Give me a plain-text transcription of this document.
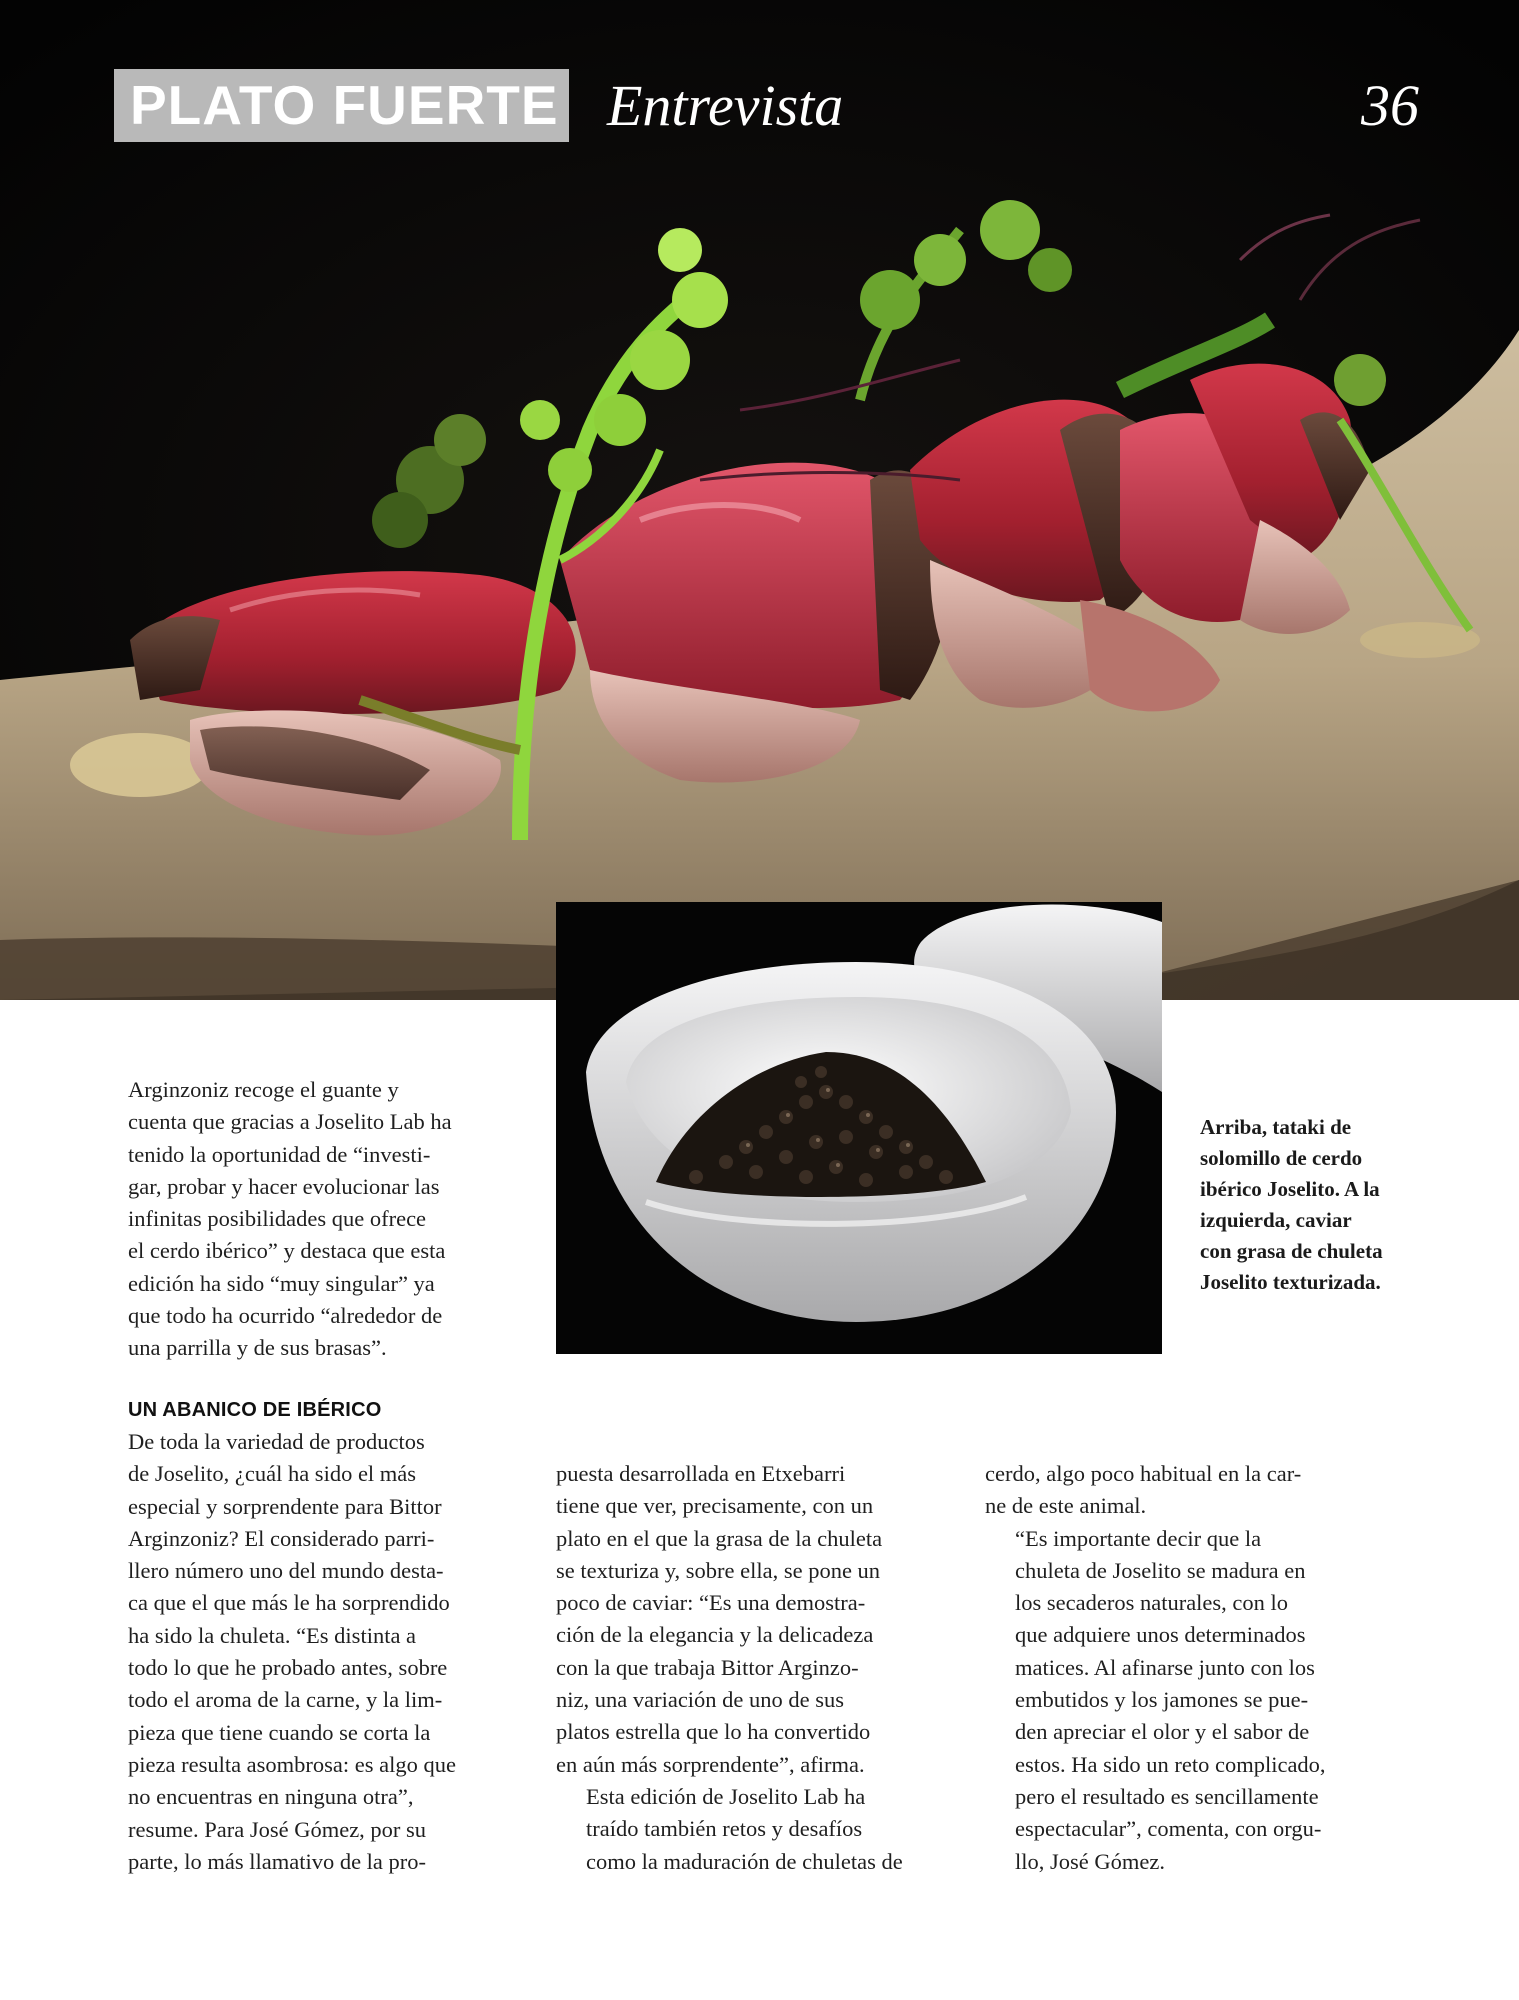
PLATO FUERTE Entrevista	36

Arriba, tataki de solomillo de cerdo ibérico Joselito. A la izquierda, caviar con grasa de chuleta Joselito texturizada.

Arginzoniz recoge el guante y
cuenta que gracias a Joselito Lab ha
tenido la oportunidad de “investi-
gar, probar y hacer evolucionar las
infinitas posibilidades que ofrece
el cerdo ibérico” y destaca que esta
edición ha sido “muy singular” ya
que todo ha ocurrido “alrededor de
una parrilla y de sus brasas”.

UN ABANICO DE IBÉRICO

De toda la variedad de productos
de Joselito, ¿cuál ha sido el más
especial y sorprendente para Bittor
Arginzoniz? El considerado parri-
llero número uno del mundo desta-
ca que el que más le ha sorprendido
ha sido la chuleta. “Es distinta a
todo lo que he probado antes, sobre
todo el aroma de la carne, y la lim-
pieza que tiene cuando se corta la
pieza resulta asombrosa: es algo que
no encuentras en ninguna otra”,
resume. Para José Gómez, por su
parte, lo más llamativo de la pro-

puesta desarrollada en Etxebarri
tiene que ver, precisamente, con un
plato en el que la grasa de la chuleta
se texturiza y, sobre ella, se pone un
poco de caviar: “Es una demostra-
ción de la elegancia y la delicadeza
con la que trabaja Bittor Arginzo-
niz, una variación de uno de sus
platos estrella que lo ha convertido
en aún más sorprendente”, afirma.

Esta edición de Joselito Lab ha
traído también retos y desafíos
como la maduración de chuletas de

cerdo, algo poco habitual en la car-
ne de este animal.

“Es importante decir que la
chuleta de Joselito se madura en
los secaderos naturales, con lo
que adquiere unos determinados
matices. Al afinarse junto con los
embutidos y los jamones se pue-
den apreciar el olor y el sabor de
estos. Ha sido un reto complicado,
pero el resultado es sencillamente
espectacular”, comenta, con orgu-
llo, José Gómez.
